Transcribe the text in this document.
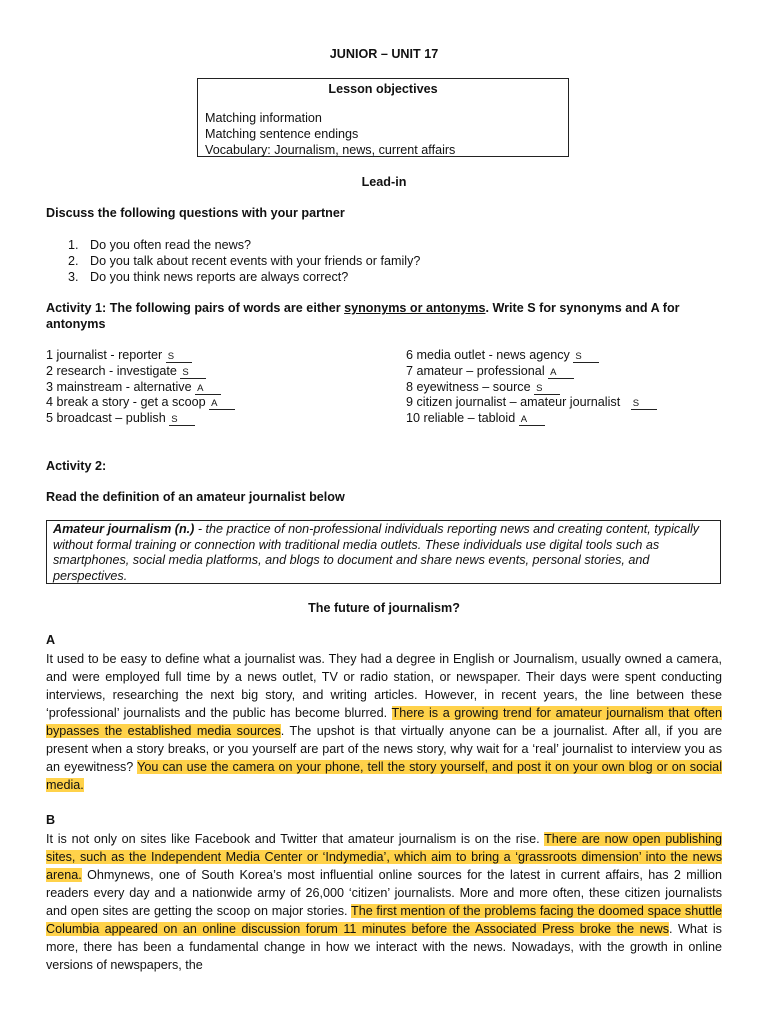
JUNIOR – UNIT 17
Lesson objectives
Matching information
Matching sentence endings
Vocabulary: Journalism, news, current affairs
Lead-in
Discuss the following questions with your partner
1. Do you often read the news?
2. Do you talk about recent events with your friends or family?
3. Do you think news reports are always correct?
Activity 1: The following pairs of words are either synonyms or antonyms. Write S for synonyms and A for antonyms
1 journalist - reporter S
2 research - investigate S
3 mainstream - alternative A
4 break a story - get a scoop A
5 broadcast – publish S
6 media outlet - news agency S
7 amateur – professional A
8 eyewitness – source S
9 citizen journalist – amateur journalist   S
10 reliable – tabloid A
Activity 2:
Read the definition of an amateur journalist below
Amateur journalism (n.) - the practice of non-professional individuals reporting news and creating content, typically without formal training or connection with traditional media outlets. These individuals use digital tools such as smartphones, social media platforms, and blogs to document and share news events, personal stories, and perspectives.
The future of journalism?
A
It used to be easy to define what a journalist was. They had a degree in English or Journalism, usually owned a camera, and were employed full time by a news outlet, TV or radio station, or newspaper. Their days were spent conducting interviews, researching the next big story, and writing articles. However, in recent years, the line between these ‘professional’ journalists and the public has become blurred. There is a growing trend for amateur journalism that often bypasses the established media sources. The upshot is that virtually anyone can be a journalist. After all, if you are present when a story breaks, or you yourself are part of the news story, why wait for a ‘real’ journalist to interview you as an eyewitness? You can use the camera on your phone, tell the story yourself, and post it on your own blog or on social media.
B
It is not only on sites like Facebook and Twitter that amateur journalism is on the rise. There are now open publishing sites, such as the Independent Media Center or ‘Indymedia’, which aim to bring a ‘grassroots dimension’ into the news arena. Ohmynews, one of South Korea’s most influential online sources for the latest in current affairs, has 2 million readers every day and a nationwide army of 26,000 ‘citizen’ journalists. More and more often, these citizen journalists and open sites are getting the scoop on major stories. The first mention of the problems facing the doomed space shuttle Columbia appeared on an online discussion forum 11 minutes before the Associated Press broke the news. What is more, there has been a fundamental change in how we interact with the news. Nowadays, with the growth in online versions of newspapers, the
